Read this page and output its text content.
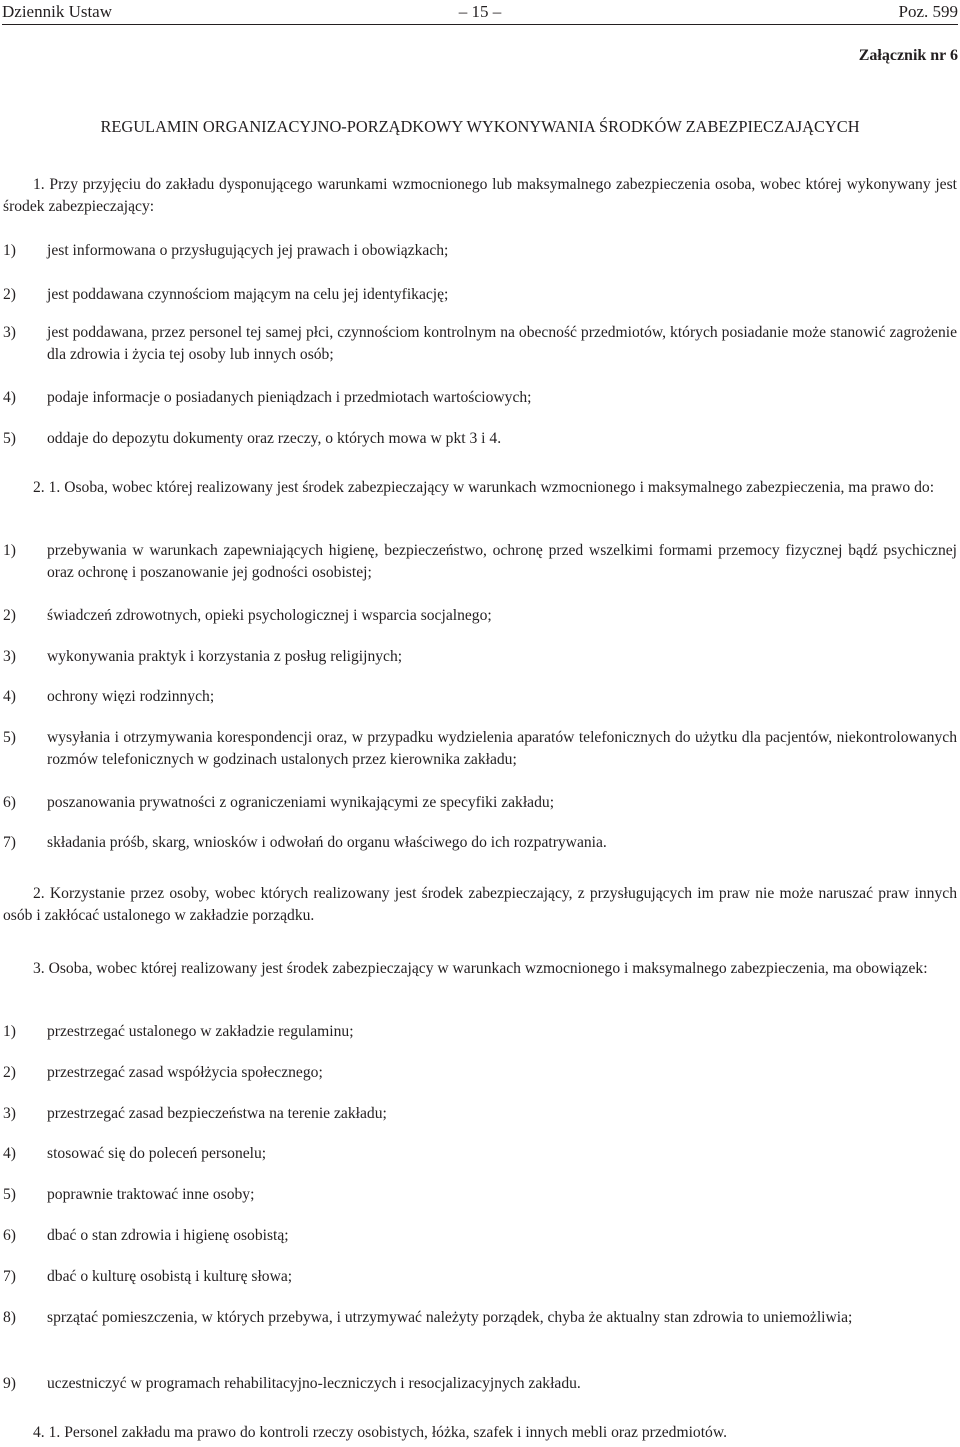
Dziennik Ustaw	– 15 –	Poz. 599
Załącznik nr 6
REGULAMIN ORGANIZACYJNO-PORZĄDKOWY WYKONYWANIA ŚRODKÓW ZABEZPIECZAJĄCYCH
1. Przy przyjęciu do zakładu dysponującego warunkami wzmocnionego lub maksymalnego zabezpieczenia osoba, wobec której wykonywany jest środek zabezpieczający:
1) jest informowana o przysługujących jej prawach i obowiązkach;
2) jest poddawana czynnościom mającym na celu jej identyfikację;
3) jest poddawana, przez personel tej samej płci, czynnościom kontrolnym na obecność przedmiotów, których posiadanie może stanowić zagrożenie dla zdrowia i życia tej osoby lub innych osób;
4) podaje informacje o posiadanych pieniądzach i przedmiotach wartościowych;
5) oddaje do depozytu dokumenty oraz rzeczy, o których mowa w pkt 3 i 4.
2. 1. Osoba, wobec której realizowany jest środek zabezpieczający w warunkach wzmocnionego i maksymalnego zabezpieczenia, ma prawo do:
1) przebywania w warunkach zapewniających higienę, bezpieczeństwo, ochronę przed wszelkimi formami przemocy fizycznej bądź psychicznej oraz ochronę i poszanowanie jej godności osobistej;
2) świadczeń zdrowotnych, opieki psychologicznej i wsparcia socjalnego;
3) wykonywania praktyk i korzystania z posług religijnych;
4) ochrony więzi rodzinnych;
5) wysyłania i otrzymywania korespondencji oraz, w przypadku wydzielenia aparatów telefonicznych do użytku dla pacjentów, niekontrolowanych rozmów telefonicznych w godzinach ustalonych przez kierownika zakładu;
6) poszanowania prywatności z ograniczeniami wynikającymi ze specyfiki zakładu;
7) składania próśb, skarg, wniosków i odwołań do organu właściwego do ich rozpatrywania.
2. Korzystanie przez osoby, wobec których realizowany jest środek zabezpieczający, z przysługujących im praw nie może naruszać praw innych osób i zakłócać ustalonego w zakładzie porządku.
3. Osoba, wobec której realizowany jest środek zabezpieczający w warunkach wzmocnionego i maksymalnego zabezpieczenia, ma obowiązek:
1) przestrzegać ustalonego w zakładzie regulaminu;
2) przestrzegać zasad współżycia społecznego;
3) przestrzegać zasad bezpieczeństwa na terenie zakładu;
4) stosować się do poleceń personelu;
5) poprawnie traktować inne osoby;
6) dbać o stan zdrowia i higienę osobistą;
7) dbać o kulturę osobistą i kulturę słowa;
8) sprzątać pomieszczenia, w których przebywa, i utrzymywać należyty porządek, chyba że aktualny stan zdrowia to uniemożliwia;
9) uczestniczyć w programach rehabilitacyjno-leczniczych i resocjalizacyjnych zakładu.
4. 1. Personel zakładu ma prawo do kontroli rzeczy osobistych, łóżka, szafek i innych mebli oraz przedmiotów.
